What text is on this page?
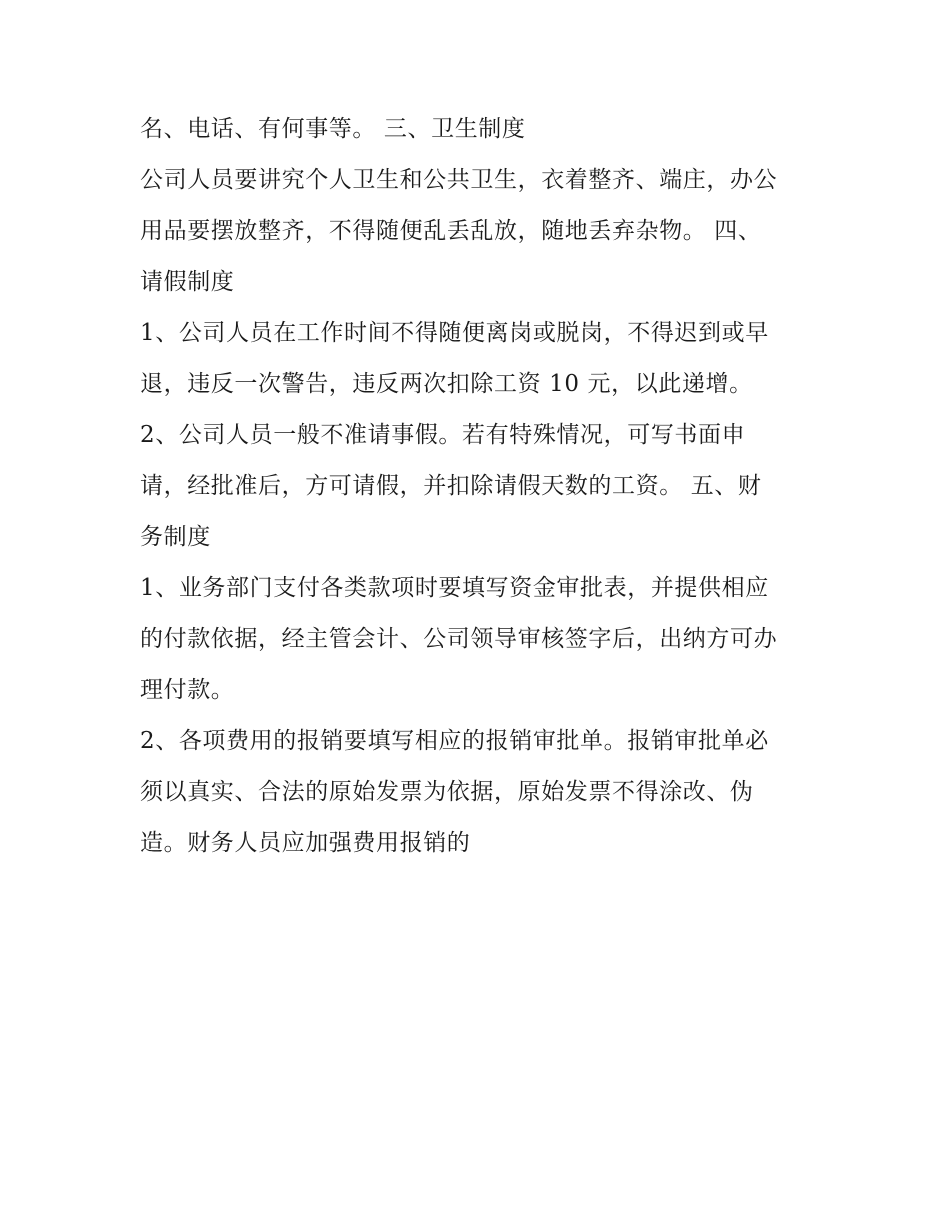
名、电话、有何事等。 三、卫生制度
公司人员要讲究个人卫生和公共卫生，衣着整齐、端庄，办公
用品要摆放整齐，不得随便乱丢乱放，随地丢弃杂物。 四、
请假制度
1、公司人员在工作时间不得随便离岗或脱岗，不得迟到或早
退，违反一次警告，违反两次扣除工资 10 元，以此递增。
2、公司人员一般不准请事假。若有特殊情况，可写书面申
请，经批准后，方可请假，并扣除请假天数的工资。 五、财
务制度
1、业务部门支付各类款项时要填写资金审批表，并提供相应
的付款依据，经主管会计、公司领导审核签字后，出纳方可办
理付款。
2、各项费用的报销要填写相应的报销审批单。报销审批单必
须以真实、合法的原始发票为依据，原始发票不得涂改、伪
造。财务人员应加强费用报销的
